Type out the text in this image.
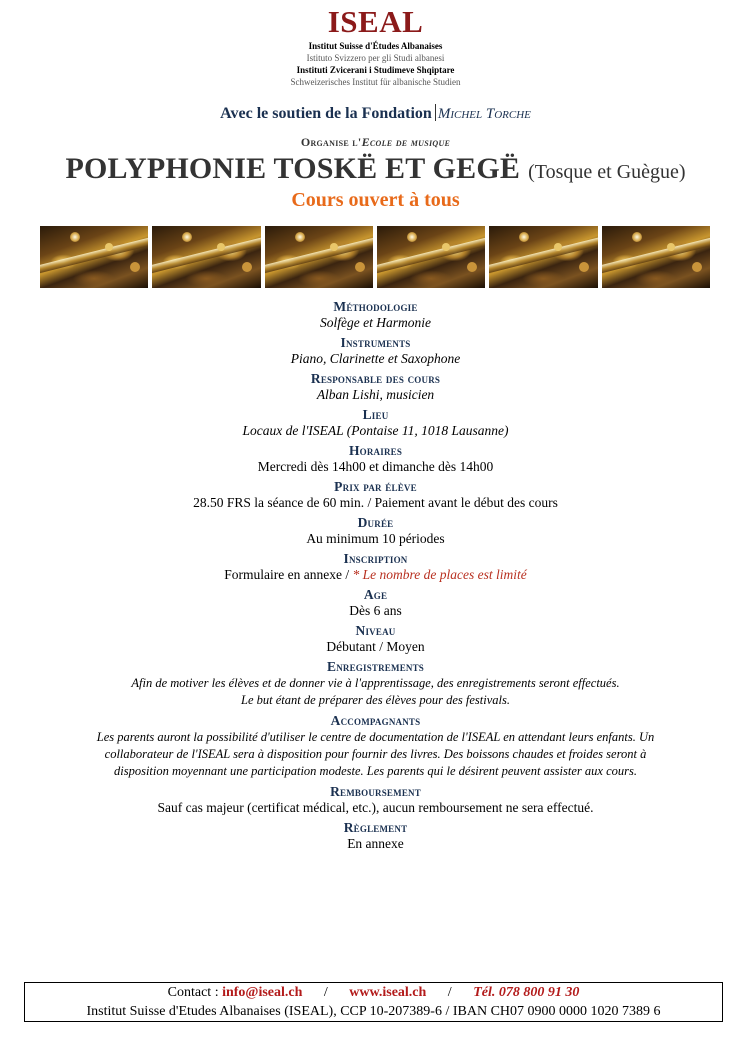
ISEAL
Institut Suisse d'Études Albanaises
Istituto Svizzero per gli Studi albanesi
Instituti Zvicerani i Studimeve Shqiptare
Schweizerisches Institut für albanische Studien
Avec le soutien de la Fondation Michel Torche
Organise l'Ecole de musique
POLYPHONIE TOSKË ET GEGË (Tosque et Guègue)
Cours ouvert à tous
Méthodologie
Solfège et Harmonie
Instruments
Piano, Clarinette et Saxophone
Responsable des cours
Alban Lishi, musicien
Lieu
Locaux de l'ISEAL (Pontaise 11, 1018 Lausanne)
Horaires
Mercredi dès 14h00 et dimanche dès 14h00
Prix par élève
28.50 FRS la séance de 60 min. / Paiement avant le début des cours
Durée
Au minimum 10 périodes
Inscription
Formulaire en annexe / * Le nombre de places est limité
Age
Dès 6 ans
Niveau
Débutant / Moyen
Enregistrements
Afin de motiver les élèves et de donner vie à l'apprentissage, des enregistrements seront effectués.
Le but étant de préparer des élèves pour des festivals.
Accompagnants
Les parents auront la possibilité d'utiliser le centre de documentation de l'ISEAL en attendant leurs enfants. Un
collaborateur de l'ISEAL sera à disposition pour fournir des livres. Des boissons chaudes et froides seront à
disposition moyennant une participation modeste. Les parents qui le désirent peuvent assister aux cours.
Remboursement
Sauf cas majeur (certificat médical, etc.), aucun remboursement ne sera effectué.
Règlement
En annexe
Contact : info@iseal.ch / www.iseal.ch / Tél. 078 800 91 30
Institut Suisse d'Etudes Albanaises (ISEAL), CCP 10-207389-6 / IBAN CH07 0900 0000 1020 7389 6
